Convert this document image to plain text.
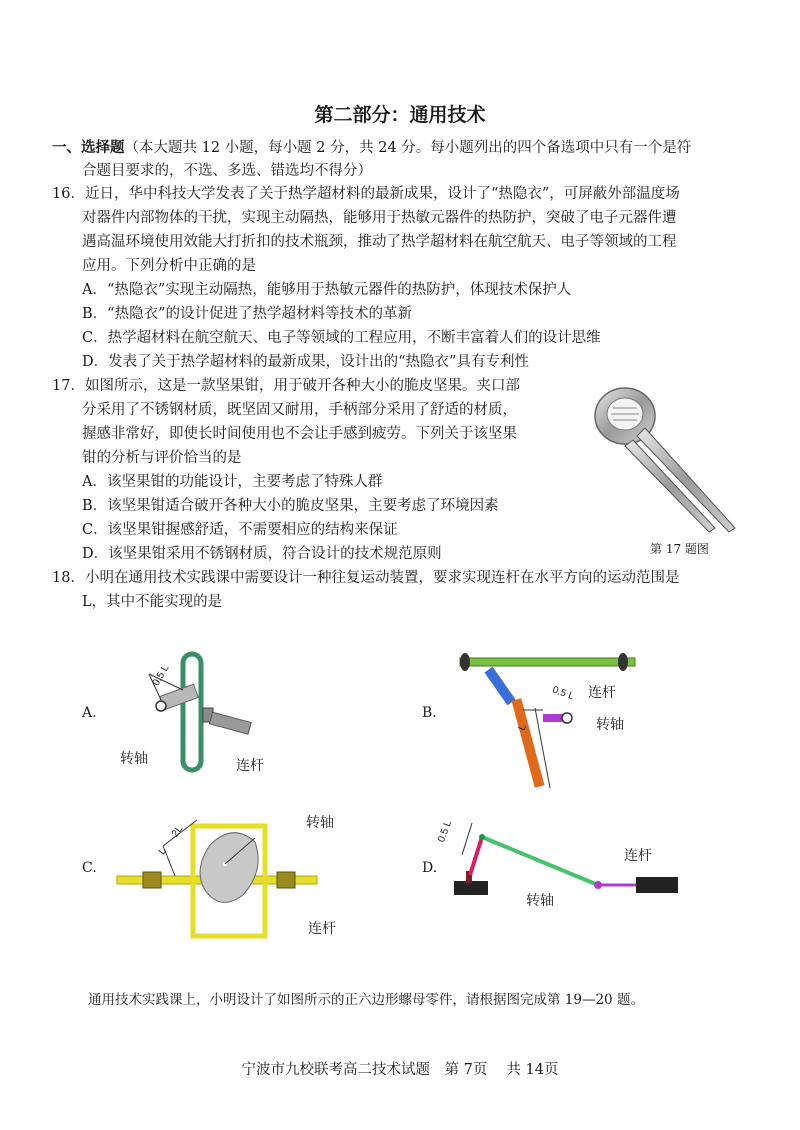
第二部分：通用技术
一、选择题（本大题共 12 小题，每小题 2 分，共 24 分。每小题列出的四个备选项中只有一个是符
合题目要求的，不选、多选、错选均不得分）
16．近日，华中科技大学发表了关于热学超材料的最新成果，设计了“热隐衣”，可屏蔽外部温度场
对器件内部物体的干扰，实现主动隔热，能够用于热敏元器件的热防护，突破了电子元器件遭
遇高温环境使用效能大打折扣的技术瓶颈，推动了热学超材料在航空航天、电子等领域的工程
应用。下列分析中正确的是
A．“热隐衣”实现主动隔热，能够用于热敏元器件的热防护，体现技术保护人
B．“热隐衣”的设计促进了热学超材料等技术的革新
C．热学超材料在航空航天、电子等领域的工程应用，不断丰富着人们的设计思维
D．发表了关于热学超材料的最新成果，设计出的“热隐衣”具有专利性
17．如图所示，这是一款坚果钳，用于破开各种大小的脆皮坚果。夹口部
分采用了不锈钢材质，既坚固又耐用，手柄部分采用了舒适的材质，
握感非常好，即使长时间使用也不会让手感到疲劳。下列关于该坚果
钳的分析与评价恰当的是
A．该坚果钳的功能设计，主要考虑了特殊人群
B．该坚果钳适合破开各种大小的脆皮坚果，主要考虑了环境因素
C．该坚果钳握感舒适，不需要相应的结构来保证
D．该坚果钳采用不锈钢材质，符合设计的技术规范原则	第 17 题图
18．小明在通用技术实践课中需要设计一种往复运动装置，要求实现连杆在水平方向的运动范围是
L，其中不能实现的是
A.
0.5 L
转轴	连杆
B.
0.5 L
L
连杆
转轴
C.
2L
L
转轴
连杆
D.
0.5 L
连杆
转轴
通用技术实践课上，小明设计了如图所示的正六边形螺母零件，请根据图完成第 19—20 题。
宁波市九校联考高二技术试题　第 7页　 共 14页
